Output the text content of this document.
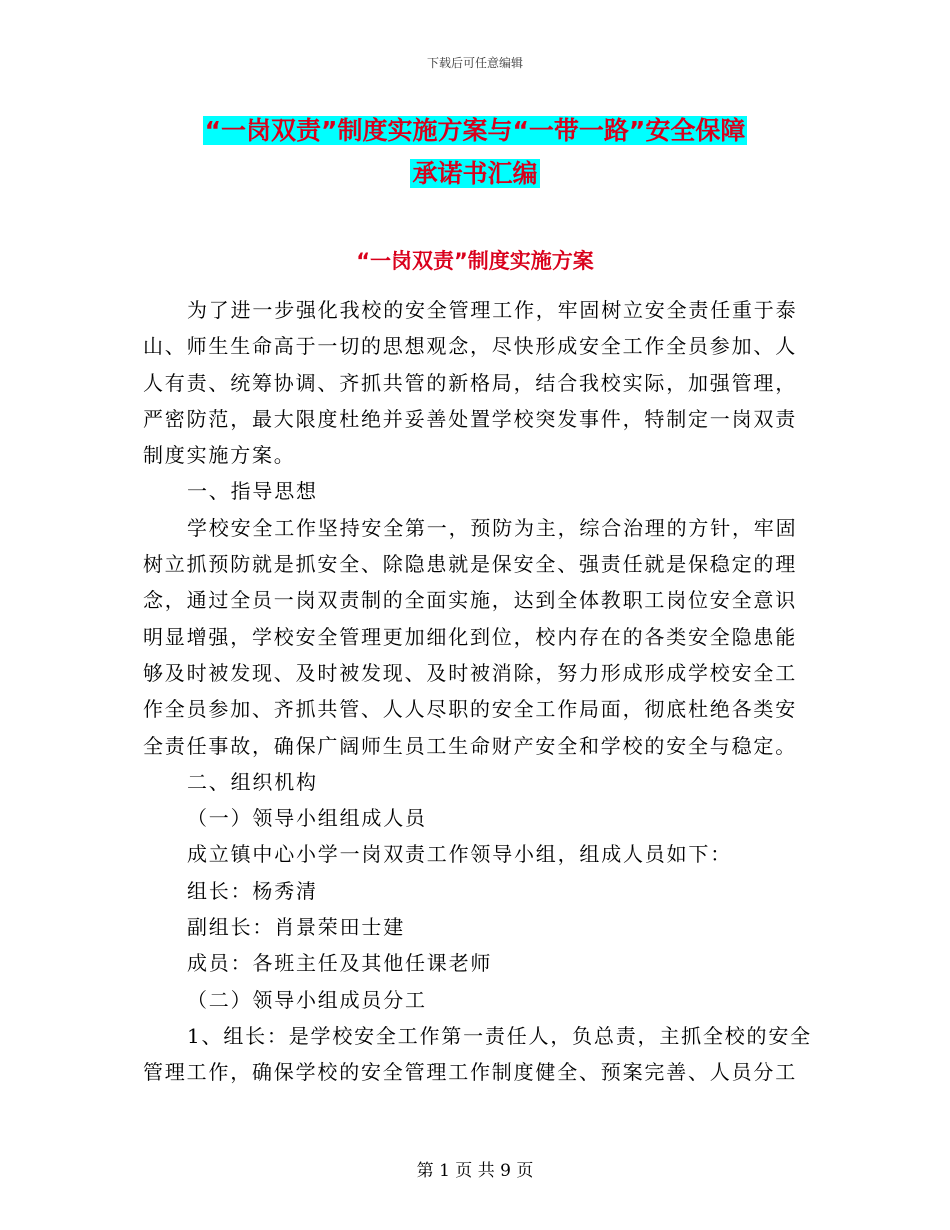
下载后可任意编辑
“一岗双责”制度实施方案与“一带一路”安全保障
承诺书汇编
“一岗双责”制度实施方案
为了进一步强化我校的安全管理工作，牢固树立安全责任重于泰
山、师生生命高于一切的思想观念，尽快形成安全工作全员参加、人
人有责、统筹协调、齐抓共管的新格局，结合我校实际，加强管理，
严密防范，最大限度杜绝并妥善处置学校突发事件，特制定一岗双责
制度实施方案。
一、指导思想
学校安全工作坚持安全第一，预防为主，综合治理的方针，牢固
树立抓预防就是抓安全、除隐患就是保安全、强责任就是保稳定的理
念，通过全员一岗双责制的全面实施，达到全体教职工岗位安全意识
明显增强，学校安全管理更加细化到位，校内存在的各类安全隐患能
够及时被发现、及时被发现、及时被消除，努力形成形成学校安全工
作全员参加、齐抓共管、人人尽职的安全工作局面，彻底杜绝各类安
全责任事故，确保广阔师生员工生命财产安全和学校的安全与稳定。
二、组织机构
（一）领导小组组成人员
成立镇中心小学一岗双责工作领导小组，组成人员如下：
组长：杨秀清
副组长：肖景荣田士建
成员：各班主任及其他任课老师
（二）领导小组成员分工
1、组长：是学校安全工作第一责任人，负总责，主抓全校的安全
管理工作，确保学校的安全管理工作制度健全、预案完善、人员分工
第 1 页 共 9 页
